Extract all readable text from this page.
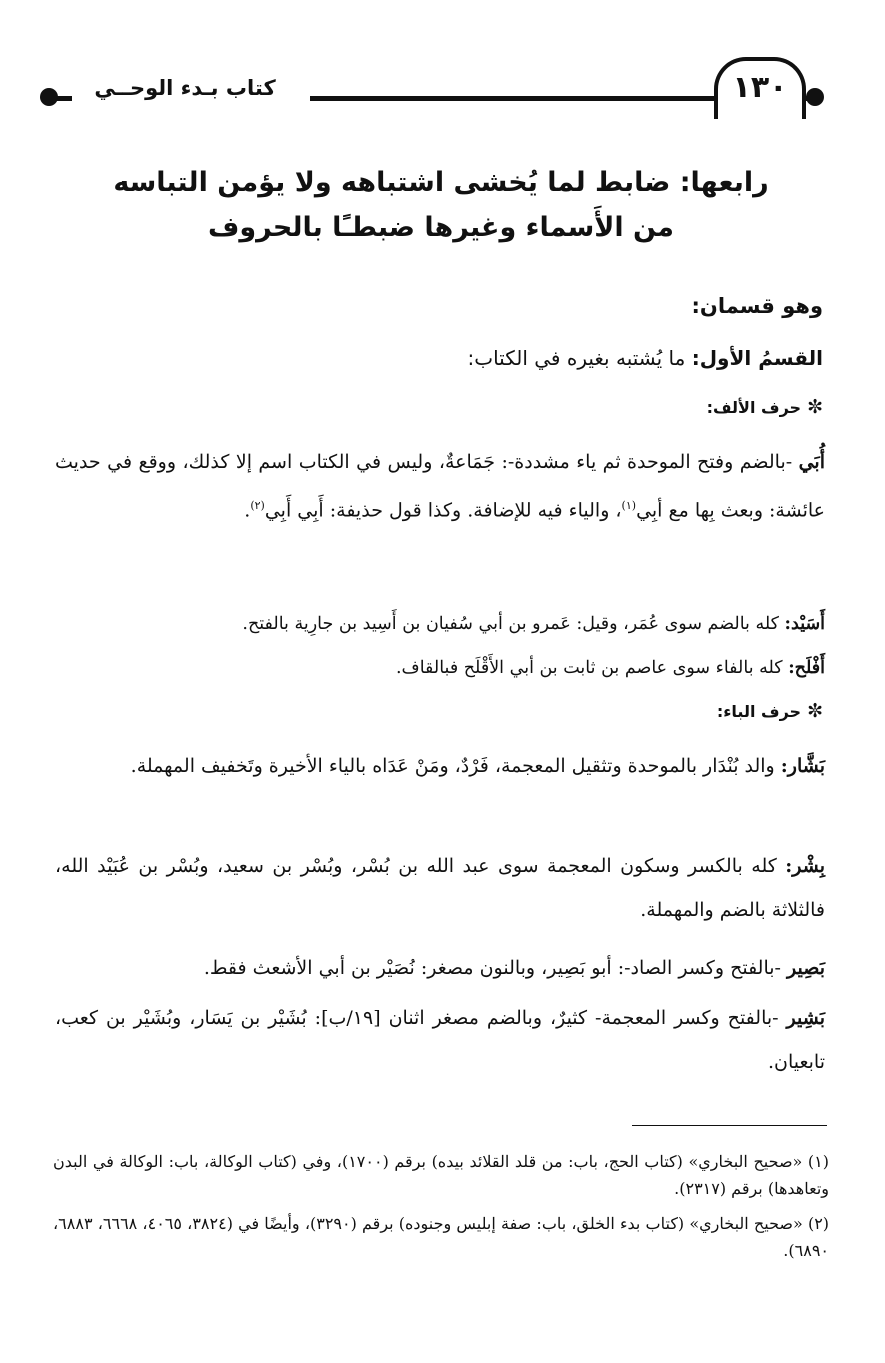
١٣٠
كتاب بـدء الوحــي
رابعها: ضابط لما يُخشى اشتباهه ولا يؤمن التباسه
من الأَسماء وغيرها ضبطـًا بالحروف
وهو قسمان:
القسمُ الأول: ما يُشتبه بغيره في الكتاب:
✼حرف الألف:
أُبَي -بالضم وفتح الموحدة ثم ياء مشددة-: جَمَاعةٌ، وليس في الكتاب اسم إلا كذلك، ووقع في حديث عائشة: وبعث بِها مع أبِي$^{(١)}$، والياء فيه للإضافة. وكذا قول حذيفة: أَبِي أَبِي$^{(٢)}$.
أَسَيْد: كله بالضم سوى عُمَر، وقيل: عَمرو بن أبي سُفيان بن أَسِيد بن جارِية بالفتح.
أَفْلَح: كله بالفاء سوى عاصم بن ثابت بن أبي الأَقْلَح فبالقاف.
✼حرف الباء:
بَشَّار: والد بُنْدَار بالموحدة وتثقيل المعجمة، فَرْدٌ، ومَنْ عَدَاه بالياء الأخيرة وتَخفيف المهملة.
بِشْر: كله بالكسر وسكون المعجمة سوى عبد الله بن بُسْر، وبُسْر بن سعيد، وبُسْر بن عُبَيْد الله، فالثلاثة بالضم والمهملة.
بَصِير -بالفتح وكسر الصاد-: أبو بَصِير، وبالنون مصغر: نُصَيْر بن أبي الأشعث فقط.
بَشِير -بالفتح وكسر المعجمة- كثيرٌ، وبالضم مصغر اثنان [١٩/ب]: بُشَيْر بن يَسَار، وبُشَيْر بن كعب، تابعيان.
(١) «صحيح البخاري» (كتاب الحج، باب: من قلد القلائد بيده) برقم (١٧٠٠)، وفي (كتاب الوكالة، باب: الوكالة في البدن وتعاهدها) برقم (٢٣١٧).
(٢) «صحيح البخاري» (كتاب بدء الخلق، باب: صفة إبليس وجنوده) برقم (٣٢٩٠)، وأيضًا في (٣٨٢٤، ٤٠٦٥، ٦٦٦٨، ٦٨٨٣، ٦٨٩٠).
